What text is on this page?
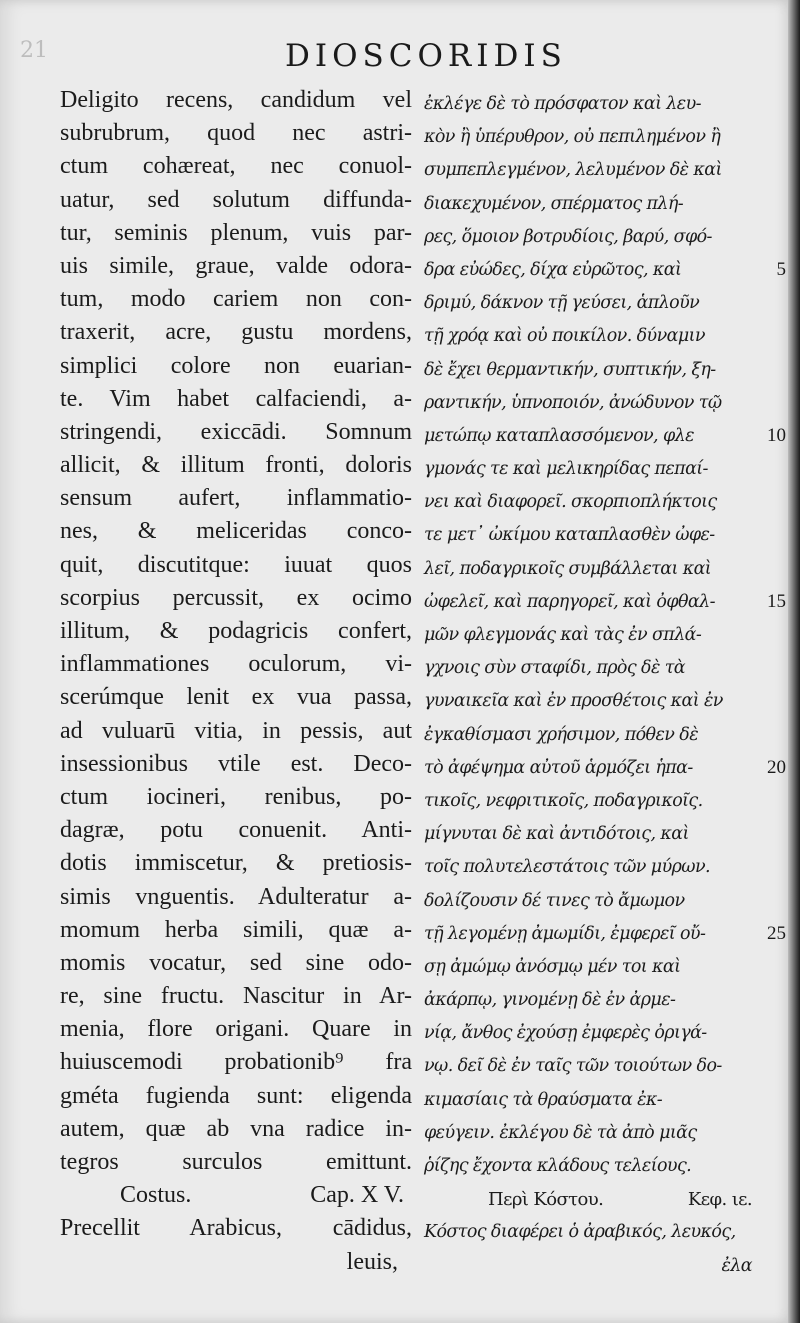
21	DIOSCORIDIS
Deligito recens, candidum vel
subrubrum, quod nec astri-
ctum cohæreat, nec conuol-
uatur, sed solutum diffunda-
tur, seminis plenum, vuis par-
uis simile, graue, valde odora-
tum, modo cariem non con-
traxerit, acre, gustu mordens,
simplici colore non euarian-
te. Vim habet calfaciendi, a-
stringendi, exiccādi. Somnum
allicit, & illitum fronti, doloris
sensum aufert, inflammatio-
nes, & meliceridas conco-
quit, discutitque: iuuat quos
scorpius percussit, ex ocimo
illitum, & podagricis confert,
inflammationes oculorum, vi-
scerúmque lenit ex vua passa,
ad vuluarū vitia, in pessis, aut
insessionibus vtile est. Deco-
ctum iocineri, renibus, po-
dagræ, potu conuenit. Anti-
dotis immiscetur, & pretiosis-
simis vnguentis. Adulteratur a-
momum herba simili, quæ a-
momis vocatur, sed sine odo-
re, sine fructu. Nascitur in Ar-
menia, flore origani. Quare in
huiuscemodi probationib⁹ fra
gméta fugienda sunt: eligenda
autem, quæ ab vna radice in-
tegros surculos emittunt.
Costus.	Cap. X V.
Precellit Arabicus, cādidus,
leuis,
ἐκλέγε δὲ τὸ πρόσφατον καὶ λευ-
κὸν ἢ ὑπέρυθρον, οὐ πεπιλημένον ἢ
συμπεπλεγμένον, λελυμένον δὲ καὶ
διακεχυμένον, σπέρματος πλή-
ρες, ὅμοιον βοτρυδίοις, βαρύ, σφό-
δρα εὐώδες, δίχα εὐρῶτος, καὶ
δριμύ, δάκνον τῇ γεύσει, ἁπλοῦν
τῇ χρόᾳ καὶ οὐ ποικίλον. δύναμιν
δὲ ἔχει θερμαντικήν, συπτικήν, ξη-
ραντικήν, ὑπνοποιόν, ἀνώδυνον τῷ
μετώπῳ καταπλασσόμενον, φλε
γμονάς τε καὶ μελικηρίδας πεπαί-
νει καὶ διαφορεῖ. σκορπιοπλήκτοις
τε μετ᾽ ὠκίμου καταπλασθὲν ὠφε-
λεῖ, ποδαγρικοῖς συμβάλλεται καὶ
ὠφελεῖ, καὶ παρηγορεῖ, καὶ ὀφθαλ-
μῶν φλεγμονάς καὶ τὰς ἐν σπλά-
γχνοις σὺν σταφίδι, πρὸς δὲ τὰ
γυναικεῖα καὶ ἐν προσθέτοις καὶ ἐν
ἐγκαθίσμασι χρήσιμον, πόθεν δὲ
τὸ ἀφέψημα αὐτοῦ ἁρμόζει ἡπα-
τικοῖς, νεφριτικοῖς, ποδαγρικοῖς.
μίγνυται δὲ καὶ ἀντιδότοις, καὶ
τοῖς πολυτελεστάτοις τῶν μύρων.
δολίζουσιν δέ τινες τὸ ἄμωμον
τῇ λεγομένῃ ἀμωμίδι, ἐμφερεῖ οὔ-
σῃ ἀμώμῳ ἀνόσμῳ μέν τοι καὶ
ἀκάρπῳ, γινομένῃ δὲ ἐν ἀρμε-
νίᾳ, ἄνθος ἐχούσῃ ἐμφερὲς ὀριγά-
νῳ. δεῖ δὲ ἐν ταῖς τῶν τοιούτων δο-
κιμασίαις τὰ θραύσματα ἐκ-
φεύγειν. ἐκλέγου δὲ τὰ ἀπὸ μιᾶς
ῥίζης ἔχοντα κλάδους τελείους.
Περὶ Κόστου.	Κεφ. ιε.
Κόστος διαφέρει ὁ ἀραβικός, λευκός,
ἐλα
5
10
15
20
25
